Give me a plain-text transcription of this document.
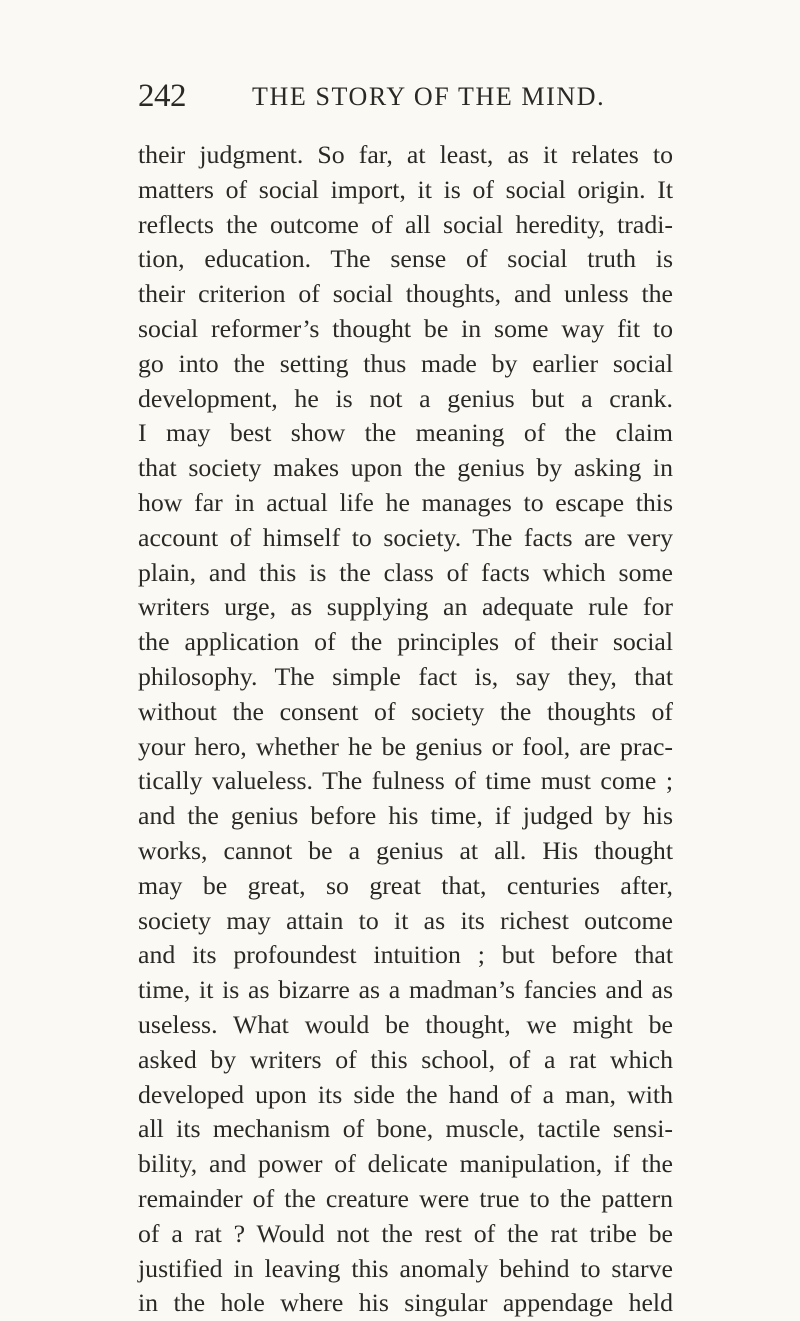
242	THE STORY OF THE MIND.
their judgment. So far, at least, as it relates to
matters of social import, it is of social origin. It
reflects the outcome of all social heredity, tradi-
tion, education. The sense of social truth is
their criterion of social thoughts, and unless the
social reformer’s thought be in some way fit to
go into the setting thus made by earlier social
development, he is not a genius but a crank.
I may best show the meaning of the claim
that society makes upon the genius by asking in
how far in actual life he manages to escape this
account of himself to society. The facts are very
plain, and this is the class of facts which some
writers urge, as supplying an adequate rule for
the application of the principles of their social
philosophy. The simple fact is, say they, that
without the consent of society the thoughts of
your hero, whether he be genius or fool, are prac-
tically valueless. The fulness of time must come ;
and the genius before his time, if judged by his
works, cannot be a genius at all. His thought
may be great, so great that, centuries after,
society may attain to it as its richest outcome
and its profoundest intuition ; but before that
time, it is as bizarre as a madman’s fancies and as
useless. What would be thought, we might be
asked by writers of this school, of a rat which
developed upon its side the hand of a man, with
all its mechanism of bone, muscle, tactile sensi-
bility, and power of delicate manipulation, if the
remainder of the creature were true to the pattern
of a rat ? Would not the rest of the rat tribe be
justified in leaving this anomaly behind to starve
in the hole where his singular appendage held
